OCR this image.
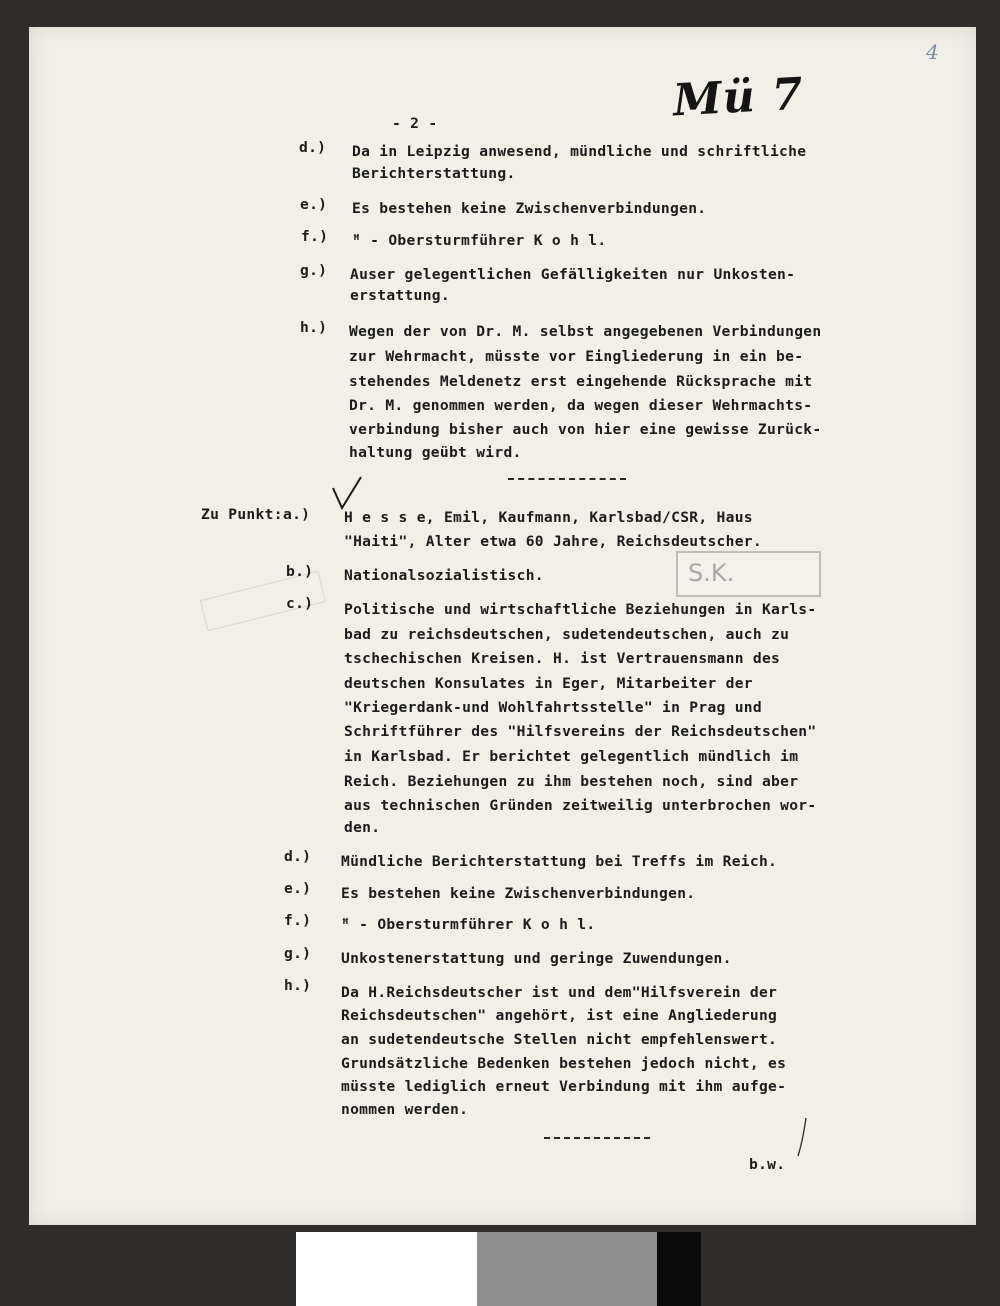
4
Mü 7
- 2 -
d.) Da in Leipzig anwesend, mündliche und schriftliche
Berichterstattung.
e.) Es bestehen keine Zwischenverbindungen.
f.) ꟸ - Obersturmführer K o h l.
g.) Auser gelegentlichen Gefälligkeiten nur Unkosten-
erstattung.
h.) Wegen der von Dr. M. selbst angegebenen Verbindungen
zur Wehrmacht, müsste vor Eingliederung in ein be-
stehendes Meldenetz erst eingehende Rücksprache mit
Dr. M. genommen werden, da wegen dieser Wehrmachts-
verbindung bisher auch von hier eine gewisse Zurück-
haltung geübt wird.
Zu Punkt: a.) H e s s e, Emil, Kaufmann, Karlsbad/CSR, Haus
"Haiti", Alter etwa 60 Jahre, Reichsdeutscher.
S.K.
b.) Nationalsozialistisch.
c.) Politische und wirtschaftliche Beziehungen in Karls-
bad zu reichsdeutschen, sudetendeutschen, auch zu
tschechischen Kreisen. H. ist Vertrauensmann des
deutschen Konsulates in Eger, Mitarbeiter der
"Kriegerdank-und Wohlfahrtsstelle" in Prag und
Schriftführer des "Hilfsvereins der Reichsdeutschen"
in Karlsbad. Er berichtet gelegentlich mündlich im
Reich. Beziehungen zu ihm bestehen noch, sind aber
aus technischen Gründen zeitweilig unterbrochen wor-
den.
d.) Mündliche Berichterstattung bei Treffs im Reich.
e.) Es bestehen keine Zwischenverbindungen.
f.) ꟸ - Obersturmführer K o h l.
g.) Unkostenerstattung und geringe Zuwendungen.
h.) Da H.Reichsdeutscher ist und dem"Hilfsverein der
Reichsdeutschen" angehört, ist eine Angliederung
an sudetendeutsche Stellen nicht empfehlenswert.
Grundsätzliche Bedenken bestehen jedoch nicht, es
müsste lediglich erneut Verbindung mit ihm aufge-
nommen werden.
b.w.
